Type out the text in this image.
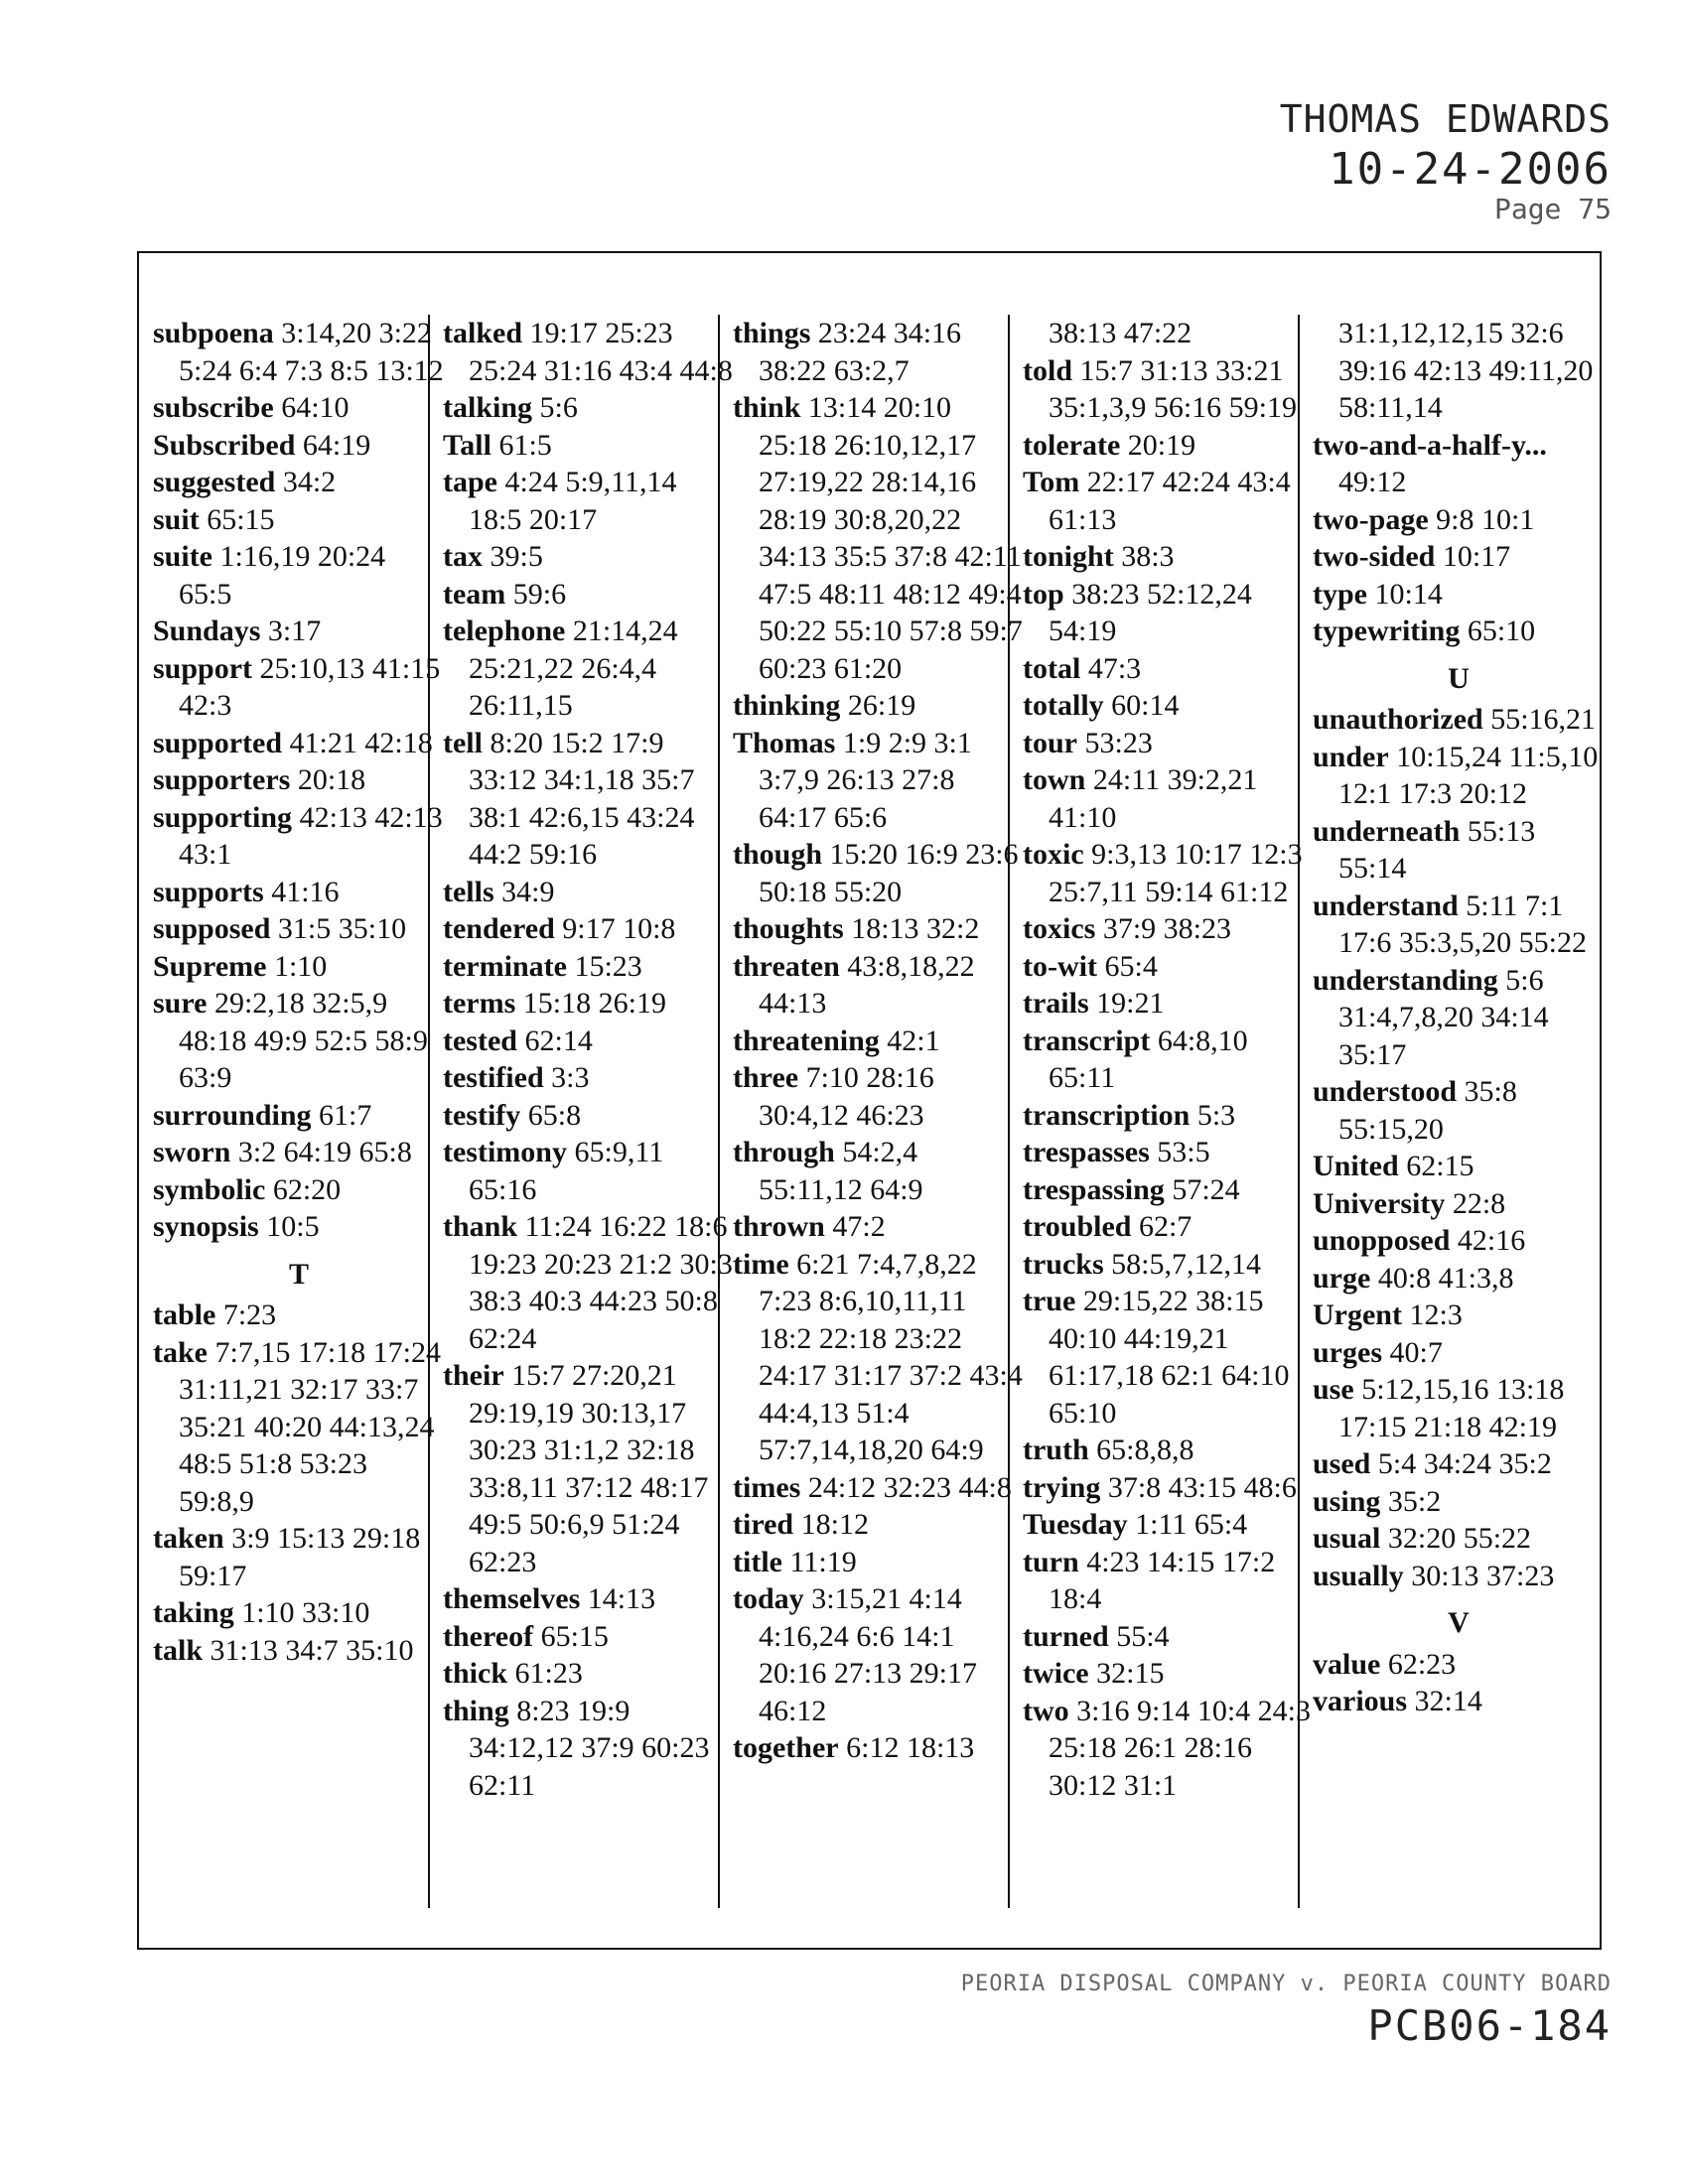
THOMAS EDWARDS
10-24-2006
Page 75
subpoena 3:14,20 3:22 5:24 6:4 7:3 8:5 13:12
subscribe 64:10
Subscribed 64:19
suggested 34:2
suit 65:15
suite 1:16,19 20:24 65:5
Sundays 3:17
support 25:10,13 41:15 42:3
supported 41:21 42:18
supporters 20:18
supporting 42:13 42:13 43:1
supports 41:16
supposed 31:5 35:10
Supreme 1:10
sure 29:2,18 32:5,9 48:18 49:9 52:5 58:9 63:9
surrounding 61:7
sworn 3:2 64:19 65:8
symbolic 62:20
synopsis 10:5
T
table 7:23
take 7:7,15 17:18 17:24 31:11,21 32:17 33:7 35:21 40:20 44:13,24 48:5 51:8 53:23 59:8,9
taken 3:9 15:13 29:18 59:17
taking 1:10 33:10
talk 31:13 34:7 35:10
talked 19:17 25:23 25:24 31:16 43:4 44:8
talking 5:6
Tall 61:5
tape 4:24 5:9,11,14 18:5 20:17
tax 39:5
team 59:6
telephone 21:14,24 25:21,22 26:4,4 26:11,15
tell 8:20 15:2 17:9 33:12 34:1,18 35:7 38:1 42:6,15 43:24 44:2 59:16
tells 34:9
tendered 9:17 10:8
terminate 15:23
terms 15:18 26:19
tested 62:14
testified 3:3
testify 65:8
testimony 65:9,11 65:16
thank 11:24 16:22 18:6 19:23 20:23 21:2 30:3 38:3 40:3 44:23 50:8 62:24
their 15:7 27:20,21 29:19,19 30:13,17 30:23 31:1,2 32:18 33:8,11 37:12 48:17 49:5 50:6,9 51:24 62:23
themselves 14:13
thereof 65:15
thick 61:23
thing 8:23 19:9 34:12,12 37:9 60:23 62:11
things 23:24 34:16 38:22 63:2,7
think 13:14 20:10 25:18 26:10,12,17 27:19,22 28:14,16 28:19 30:8,20,22 34:13 35:5 37:8 42:11 47:5 48:11 48:12 49:4 50:22 55:10 57:8 59:7 60:23 61:20
thinking 26:19
Thomas 1:9 2:9 3:1 3:7,9 26:13 27:8 64:17 65:6
though 15:20 16:9 23:6 50:18 55:20
thoughts 18:13 32:2
threaten 43:8,18,22 44:13
threatening 42:1
three 7:10 28:16 30:4,12 46:23
through 54:2,4 55:11,12 64:9
thrown 47:2
time 6:21 7:4,7,8,22 7:23 8:6,10,11,11 18:2 22:18 23:22 24:17 31:17 37:2 43:4 44:4,13 51:4 57:7,14,18,20 64:9
times 24:12 32:23 44:8
tired 18:12
title 11:19
today 3:15,21 4:14 4:16,24 6:6 14:1 20:16 27:13 29:17 46:12
together 6:12 18:13
38:13 47:22
told 15:7 31:13 33:21 35:1,3,9 56:16 59:19
tolerate 20:19
Tom 22:17 42:24 43:4 61:13
tonight 38:3
top 38:23 52:12,24 54:19
total 47:3
totally 60:14
tour 53:23
town 24:11 39:2,21 41:10
toxic 9:3,13 10:17 12:3 25:7,11 59:14 61:12
toxics 37:9 38:23
to-wit 65:4
trails 19:21
transcript 64:8,10 65:11
transcription 5:3
trespasses 53:5
trespassing 57:24
troubled 62:7
trucks 58:5,7,12,14
true 29:15,22 38:15 40:10 44:19,21 61:17,18 62:1 64:10 65:10
truth 65:8,8,8
trying 37:8 43:15 48:6
Tuesday 1:11 65:4
turn 4:23 14:15 17:2 18:4
turned 55:4
twice 32:15
two 3:16 9:14 10:4 24:3 25:18 26:1 28:16 30:12 31:1
31:1,12,12,15 32:6 39:16 42:13 49:11,20 58:11,14
two-and-a-half-y... 49:12
two-page 9:8 10:1
two-sided 10:17
type 10:14
typewriting 65:10
U
unauthorized 55:16,21
under 10:15,24 11:5,10 12:1 17:3 20:12
underneath 55:13 55:14
understand 5:11 7:1 17:6 35:3,5,20 55:22
understanding 5:6 31:4,7,8,20 34:14 35:17
understood 35:8 55:15,20
United 62:15
University 22:8
unopposed 42:16
urge 40:8 41:3,8
Urgent 12:3
urges 40:7
use 5:12,15,16 13:18 17:15 21:18 42:19
used 5:4 34:24 35:2
using 35:2
usual 32:20 55:22
usually 30:13 37:23
V
value 62:23
various 32:14
PEORIA DISPOSAL COMPANY v. PEORIA COUNTY BOARD
PCB06-184
